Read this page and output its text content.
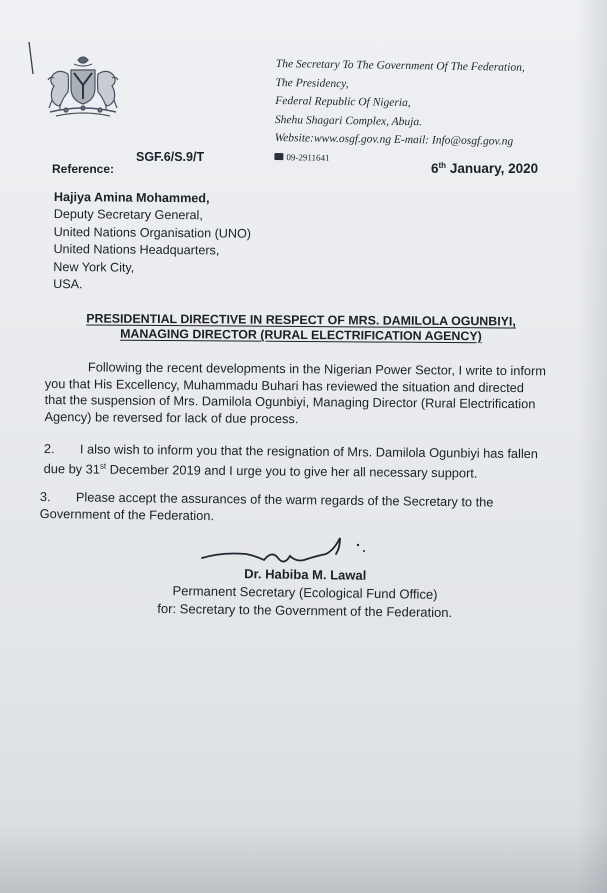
The Secretary To The Government Of The Federation,
The Presidency,
Federal Republic Of Nigeria,
Shehu Shagari Complex, Abuja.
Website:www.osgf.gov.ng E-mail: Info@osgf.gov.ng
09-2911641
SGF.6/S.9/T
Reference:	6th January, 2020
Hajiya Amina Mohammed,
Deputy Secretary General,
United Nations Organisation (UNO)
United Nations Headquarters,
New York City,
USA.
PRESIDENTIAL DIRECTIVE IN RESPECT OF MRS. DAMILOLA OGUNBIYI,
MANAGING DIRECTOR (RURAL ELECTRIFICATION AGENCY)
Following the recent developments in the Nigerian Power Sector, I write to inform
you that His Excellency, Muhammadu Buhari has reviewed the situation and directed
that the suspension of Mrs. Damilola Ogunbiyi, Managing Director (Rural Electrification
Agency) be reversed for lack of due process.
2. I also wish to inform you that the resignation of Mrs. Damilola Ogunbiyi has fallen
due by 31st December 2019 and I urge you to give her all necessary support.
3. Please accept the assurances of the warm regards of the Secretary to the
Government of the Federation.
Dr. Habiba M. Lawal
Permanent Secretary (Ecological Fund Office)
for: Secretary to the Government of the Federation.
